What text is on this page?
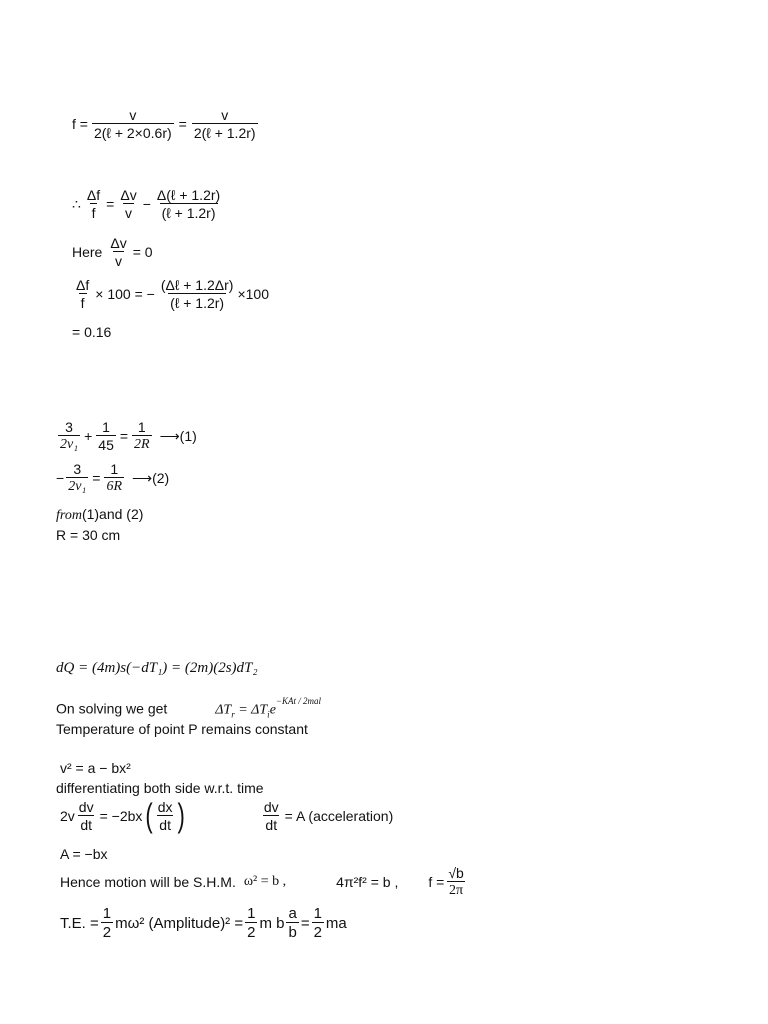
$f = \frac{v}{\text{2(ℓ + 2×0.6r)}} = \frac{v}{\text{2(ℓ + 1.2r)}}$
∴ $\frac{\Delta f}{f} = \frac{\Delta v}{v} - \frac{\text{Δ(ℓ + 1.2r)}}{\text{(ℓ + 1.2r)}}$
Here $\frac{\Delta v}{v} = 0$
$\frac{\Delta f}{f} \times 100$ = − $\frac{\text{(Δℓ + 1.2Δr)}}{\text{(ℓ + 1.2r)}} \times 100$
= 0.16
$\frac{3}{\text{2v₁}} + \frac{1}{45} = \frac{1}{2R}$ ⟶(1)
− $\frac{3}{\text{2v₁}} = \frac{1}{6R}$ ⟶(2)
from(1)and (2)
R = 30 cm
dQ = (4m)s(−dT₁) = (2m)(2s)dT₂
On solving we get	$\Delta T_r = \Delta T_ie^{-KAt / 2mal}$
Temperature of point P remains constant
v² = a − bx²
differentiating both side w.r.t. time
$2v \frac{dv}{dt} = -2bx$ ( $\frac{dx}{dt}$ )	$\frac{dv}{dt} = A$ (acceleration)
A = −bx
Hence motion will be S.H.M. ω² = b ,	4π²f² = b , $f = \frac{√b}{2\pi}$
T.E. = $\frac{1}{2} m\omega^2$ (Amplitude)² = $\frac{1}{2}$ m b $\frac{a}{b} = \frac{1}{2}$ ma
